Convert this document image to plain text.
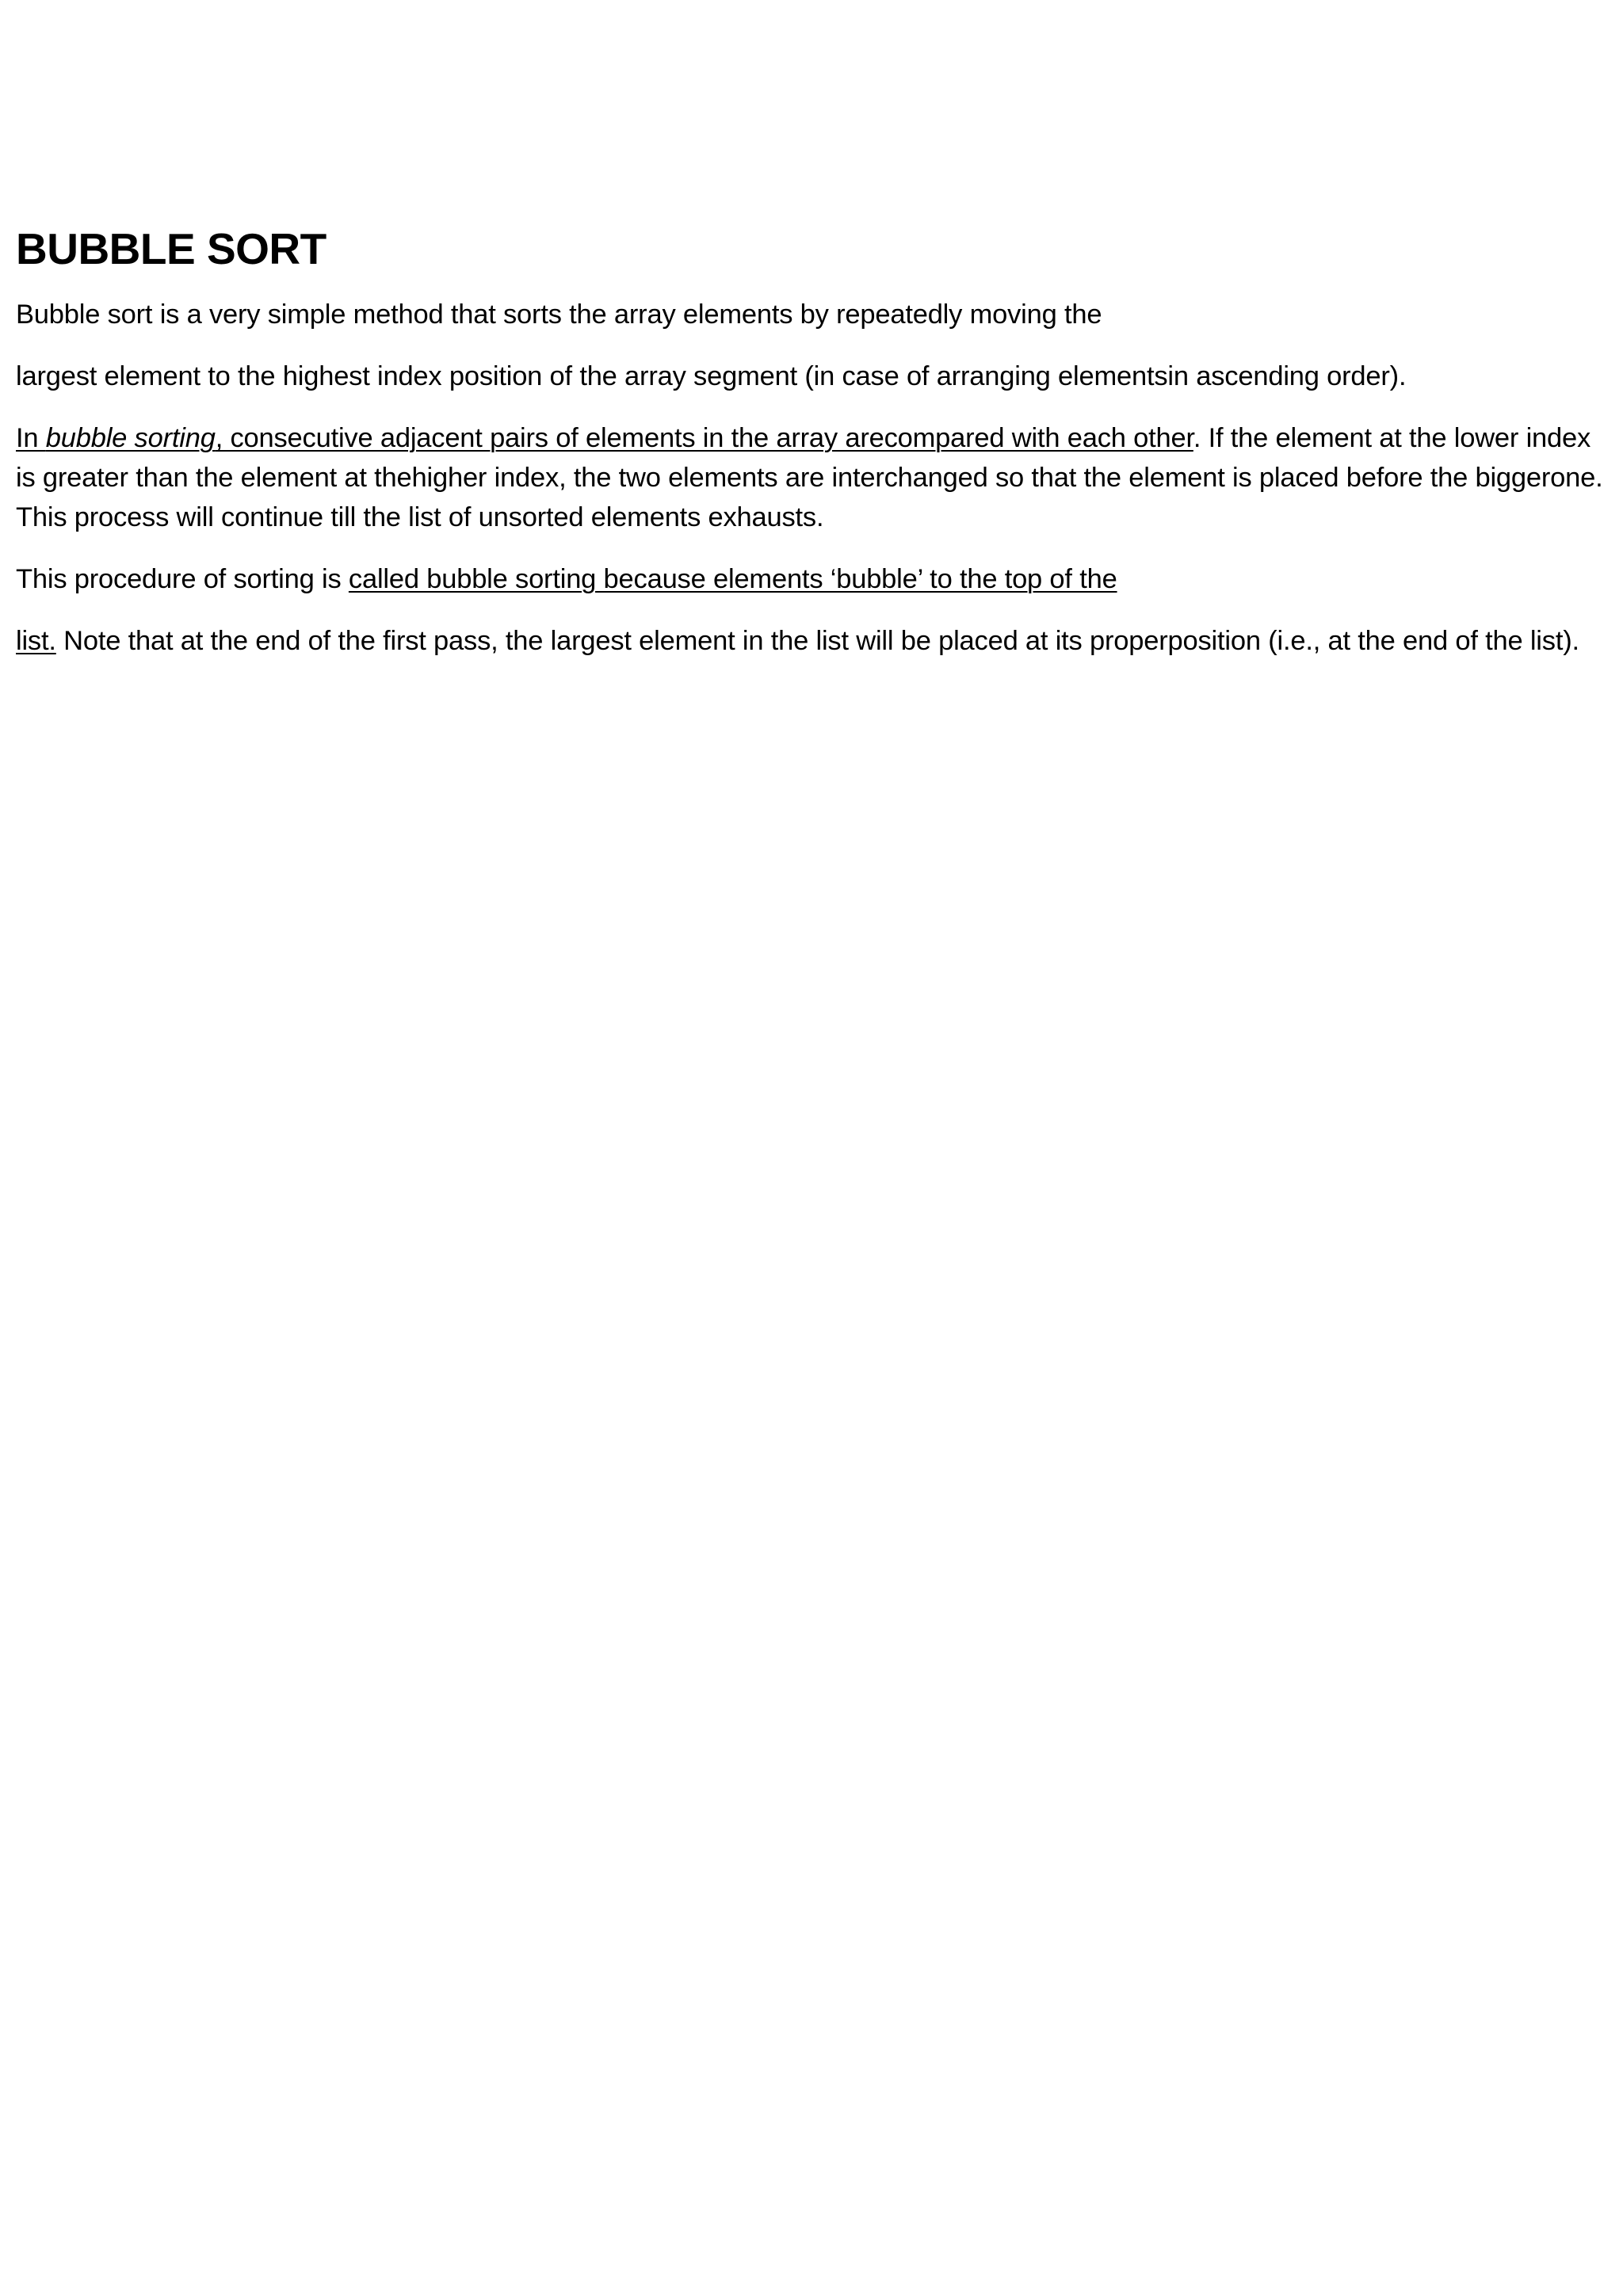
BUBBLE SORT

Bubble sort is a very simple method that sorts the array elements by repeatedly moving the

largest element to the highest index position of the array segment (in case of arranging elementsin ascending order).

In bubble sorting, consecutive adjacent pairs of elements in the array arecompared with each other. If the element at the lower index is greater than the element at thehigher index, the two elements are interchanged so that the element is placed before the biggerone. This process will continue till the list of unsorted elements exhausts.

This procedure of sorting is called bubble sorting because elements ‘bubble’ to the top of the

list. Note that at the end of the first pass, the largest element in the list will be placed at its properposition (i.e., at the end of the list).
